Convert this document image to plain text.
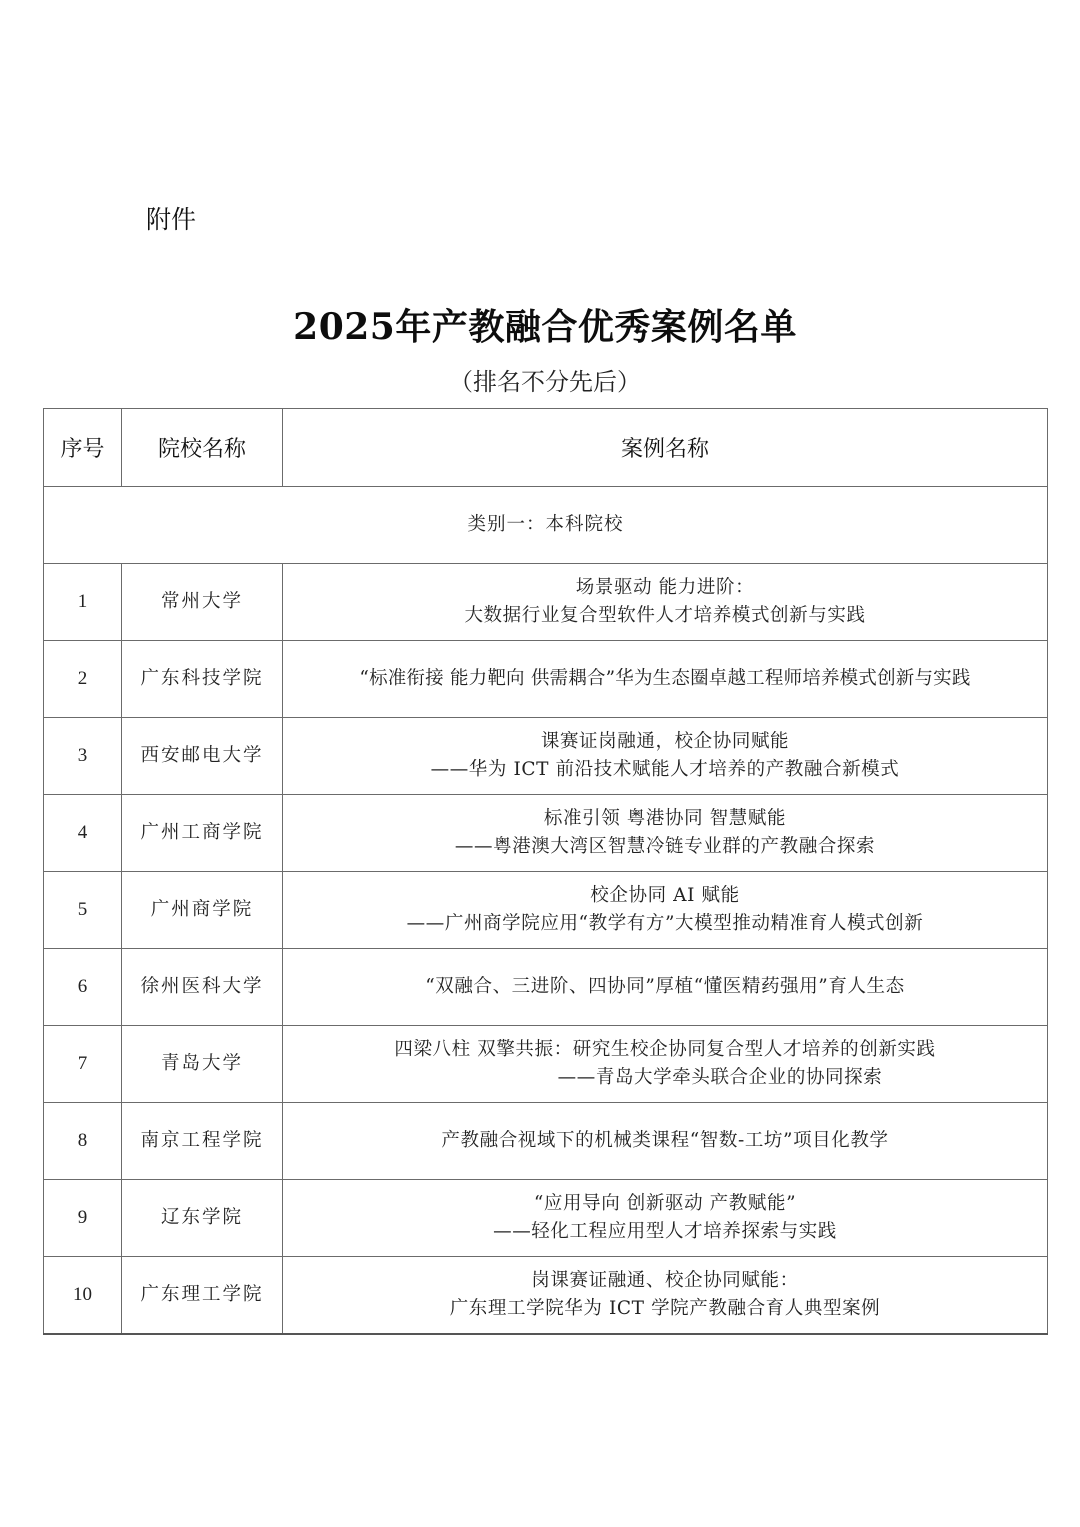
附件
2025年产教融合优秀案例名单
（排名不分先后）
序号	院校名称	案例名称
类别一：本科院校		
1	常州大学	场景驱动 能力进阶：
大数据行业复合型软件人才培养模式创新与实践

2	广东科技学院	“标准衔接 能力靶向 供需耦合”华为生态圈卓越工程师培养模式创新与实践

3	西安邮电大学	课赛证岗融通，校企协同赋能
——华为 ICT 前沿技术赋能人才培养的产教融合新模式

4	广州工商学院	标准引领 粤港协同 智慧赋能
——粤港澳大湾区智慧冷链专业群的产教融合探索

5	广州商学院	校企协同 AI 赋能
——广州商学院应用“教学有方”大模型推动精准育人模式创新

6	徐州医科大学	“双融合、三进阶、四协同”厚植“懂医精药强用”育人生态

7	青岛大学	四梁八柱 双擎共振：研究生校企协同复合型人才培养的创新实践
——青岛大学牵头联合企业的协同探索

8	南京工程学院	产教融合视域下的机械类课程“智数-工坊”项目化教学

9	辽东学院	“应用导向 创新驱动 产教赋能”
——轻化工程应用型人才培养探索与实践

10	广东理工学院	岗课赛证融通、校企协同赋能：
广东理工学院华为 ICT 学院产教融合育人典型案例
